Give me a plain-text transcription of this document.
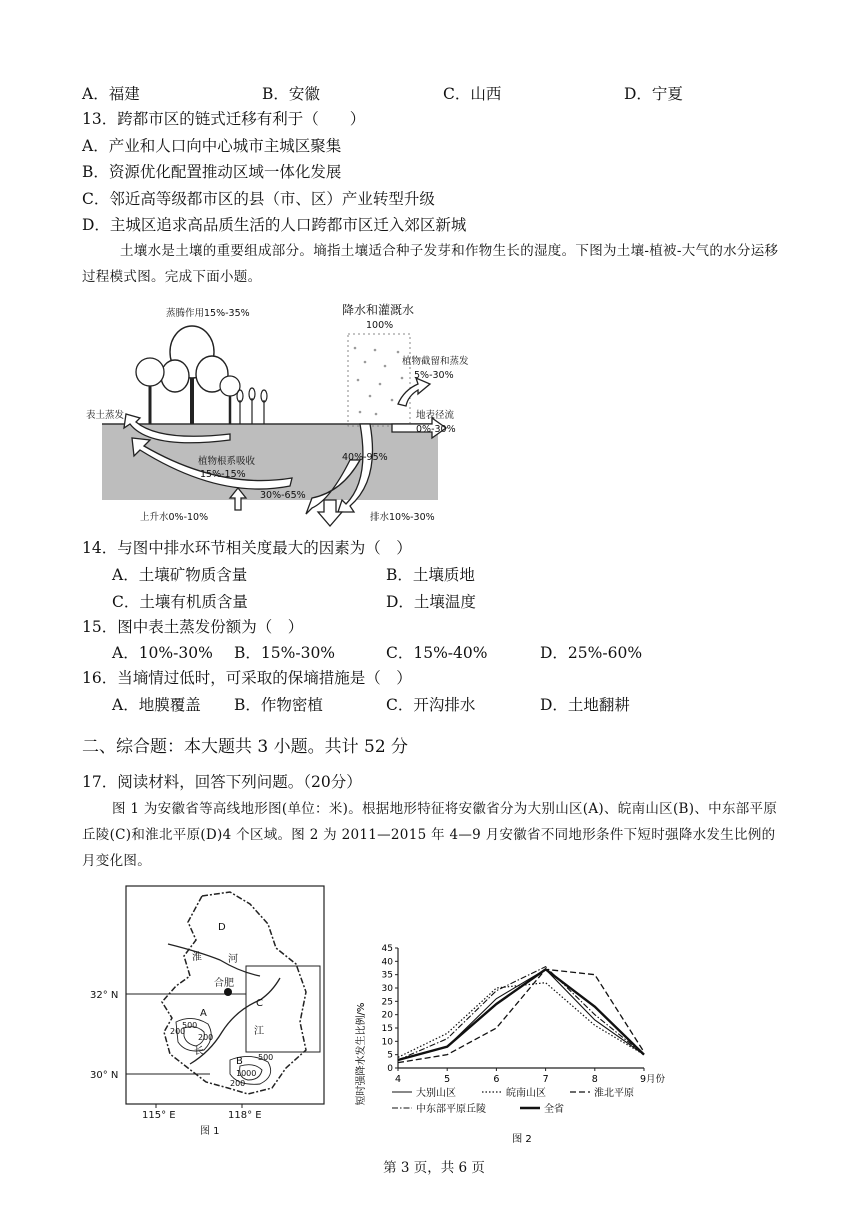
A．福建	B．安徽	C．山西	D．宁夏
13．跨都市区的链式迁移有利于（　　）
A．产业和人口向中心城市主城区聚集
B．资源优化配置推动区域一体化发展
C．邻近高等级都市区的县（市、区）产业转型升级
D．主城区追求高品质生活的人口跨都市区迁入郊区新城
土壤水是土壤的重要组成部分。墒指土壤适合种子发芽和作物生长的湿度。下图为土壤-植被-大气的水分运移过程模式图。完成下面小题。
蒸腾作用15%-35%	降水和灌溉水
100%
植物截留和蒸发
5%-30%
表土蒸发	地表径流
0%-30%
植物根系吸收
15%-15%
40%-95%
30%-65%
上升水0%-10%	排水10%-30%
14．与图中排水环节相关度最大的因素为（　）
A．土壤矿物质含量	B．土壤质地
C．土壤有机质含量	D．土壤温度
15．图中表土蒸发份额为（　）
A．10%-30% B．15%-30%	C．15%-40%	D．25%-60%
16．当墒情过低时，可采取的保墒措施是（　）
A．地膜覆盖 B．作物密植	C．开沟排水	D．土地翻耕
二、综合题：本大题共 3 小题。共计 52 分
17．阅读材料，回答下列问题。（20分）
图 1 为安徽省等高线地形图(单位：米)。根据地形特征将安徽省分为大别山区(A)、皖南山区(B)、中东部平原丘陵(C)和淮北平原(D)4 个区域。图 2 为 2011—2015 年 4—9 月安徽省不同地形条件下短时强降水发生比例的月变化图。
D
C
A
B
合肥
淮	河
长
江
200
500
200
1000
200
500
32° N
30° N
115° E	118° E
图 1
0
5
10
15
20
25
30
35
40
45
4	5	6	7	8	9月份
大别山区	皖南山区	淮北平原
中东部平原丘陵	全省
短时强降水发生比例/%
图 2
第 3 页，共 6 页
